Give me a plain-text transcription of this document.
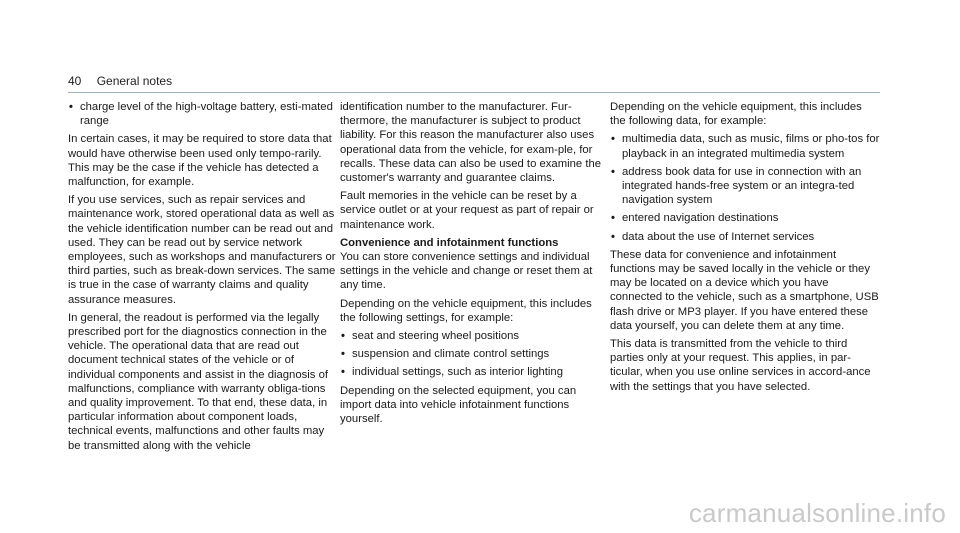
40 General notes
• charge level of the high-voltage battery, esti-mated range

In certain cases, it may be required to store data that would have otherwise been used only tempo-rarily. This may be the case if the vehicle has detected a malfunction, for example.

If you use services, such as repair services and maintenance work, stored operational data as well as the vehicle identification number can be read out and used. They can be read out by service network employees, such as workshops and manufacturers or third parties, such as break-down services. The same is true in the case of warranty claims and quality assurance measures.

In general, the readout is performed via the legally prescribed port for the diagnostics connection in the vehicle. The operational data that are read out document technical states of the vehicle or of individual components and assist in the diagnosis of malfunctions, compliance with warranty obliga-tions and quality improvement. To that end, these data, in particular information about component loads, technical events, malfunctions and other faults may be transmitted along with the vehicle

identification number to the manufacturer. Fur-thermore, the manufacturer is subject to product liability. For this reason the manufacturer also uses operational data from the vehicle, for exam-ple, for recalls. These data can also be used to examine the customer's warranty and guarantee claims.

Fault memories in the vehicle can be reset by a service outlet or at your request as part of repair or maintenance work.

Convenience and infotainment functions

You can store convenience settings and individual settings in the vehicle and change or reset them at any time.

Depending on the vehicle equipment, this includes the following settings, for example:

• seat and steering wheel positions
• suspension and climate control settings
• individual settings, such as interior lighting

Depending on the selected equipment, you can import data into vehicle infotainment functions yourself.

Depending on the vehicle equipment, this includes the following data, for example:

• multimedia data, such as music, films or pho-tos for playback in an integrated multimedia system
• address book data for use in connection with an integrated hands-free system or an integra-ted navigation system
• entered navigation destinations
• data about the use of Internet services

These data for convenience and infotainment functions may be saved locally in the vehicle or they may be located on a device which you have connected to the vehicle, such as a smartphone, USB flash drive or MP3 player. If you have entered these data yourself, you can delete them at any time.

This data is transmitted from the vehicle to third parties only at your request. This applies, in par-ticular, when you use online services in accord-ance with the settings that you have selected.

carmanualsonline.info
